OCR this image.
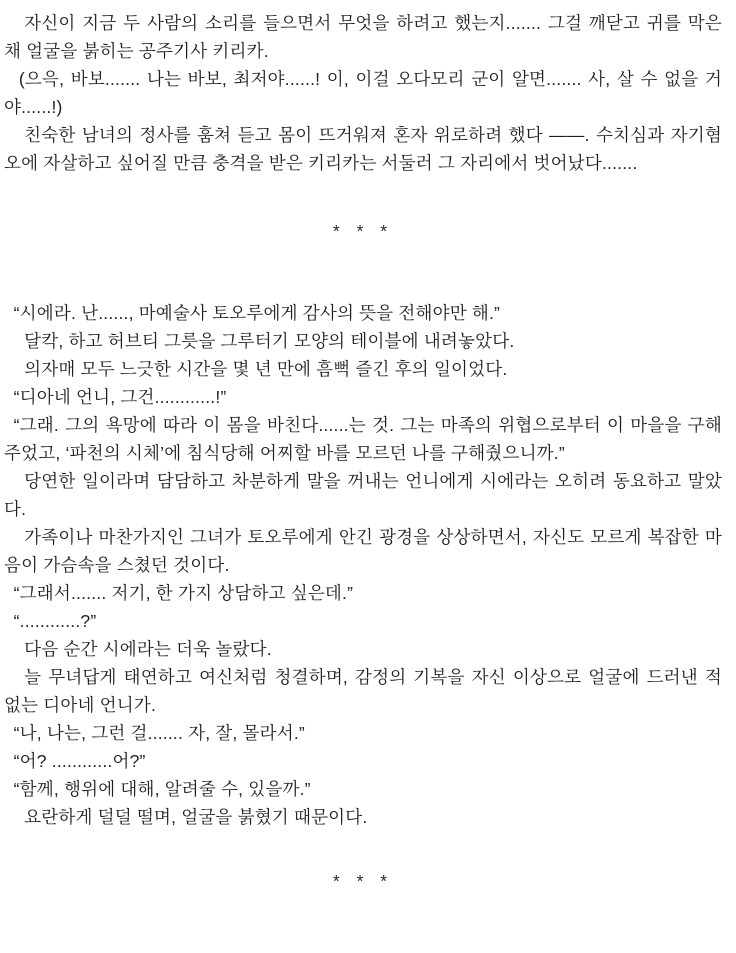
자신이 지금 두 사람의 소리를 들으면서 무엇을 하려고 했는지....... 그걸 깨닫고 귀를 막은 채 얼굴을 붉히는 공주기사 키리카.

(으윽, 바보....... 나는 바보, 최저야......! 이, 이걸 오다모리 군이 알면....... 사, 살 수 없을 거야......!)

친숙한 남녀의 정사를 훔쳐 듣고 몸이 뜨거워져 혼자 위로하려 했다 ——. 수치심과 자기혐오에 자살하고 싶어질 만큼 충격을 받은 키리카는 서둘러 그 자리에서 벗어났다.......

* * *

“시에라. 난......, 마예술사 토오루에게 감사의 뜻을 전해야만 해.”

달칵, 하고 허브티 그릇을 그루터기 모양의 테이블에 내려놓았다.

의자매 모두 느긋한 시간을 몇 년 만에 흠뻑 즐긴 후의 일이었다.

“디아네 언니, 그건............!”

“그래. 그의 욕망에 따라 이 몸을 바친다......는 것. 그는 마족의 위협으로부터 이 마을을 구해주었고, ‘파천의 시체’에 침식당해 어찌할 바를 모르던 나를 구해줬으니까.”

당연한 일이라며 담담하고 차분하게 말을 꺼내는 언니에게 시에라는 오히려 동요하고 말았다.

가족이나 마찬가지인 그녀가 토오루에게 안긴 광경을 상상하면서, 자신도 모르게 복잡한 마음이 가슴속을 스쳤던 것이다.

“그래서....... 저기, 한 가지 상담하고 싶은데.”

“............?”

다음 순간 시에라는 더욱 놀랐다.

늘 무녀답게 태연하고 여신처럼 청결하며, 감정의 기복을 자신 이상으로 얼굴에 드러낸 적 없는 디아네 언니가.

“나, 나는, 그런 걸....... 자, 잘, 몰라서.”

“어? ............어?”

“함께, 행위에 대해, 알려줄 수, 있을까.”

요란하게 덜덜 떨며, 얼굴을 붉혔기 때문이다.

* * *
